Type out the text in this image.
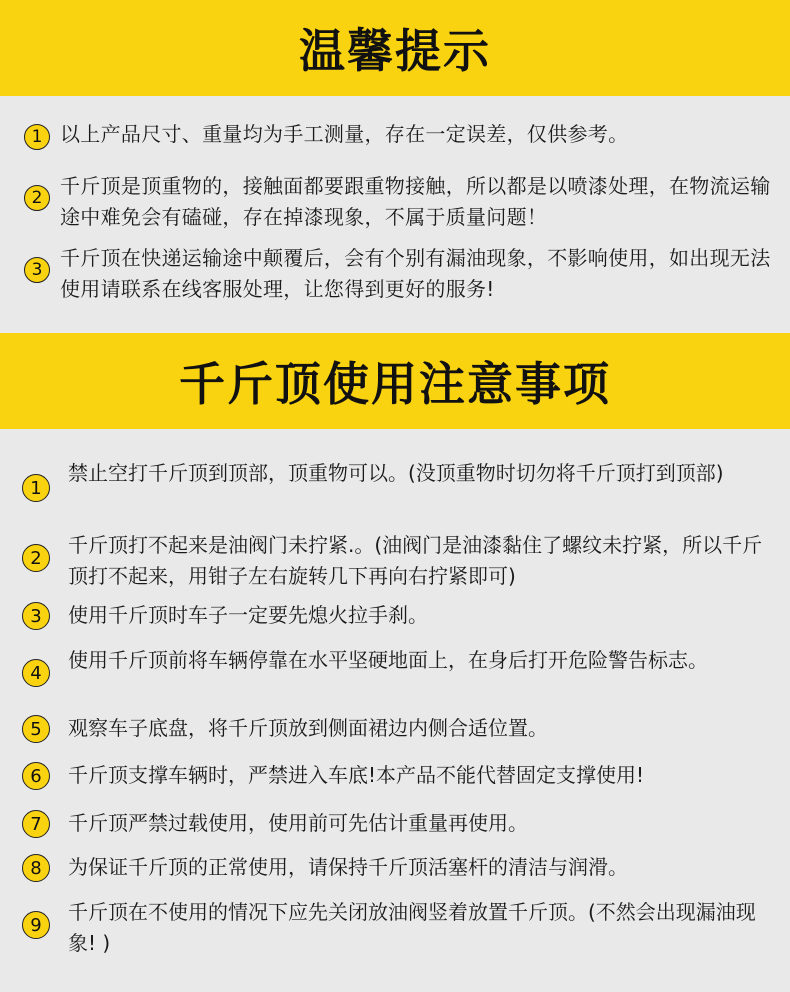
温馨提示
1 以上产品尺寸、重量均为手工测量，存在一定误差，仅供参考。
2 千斤顶是顶重物的，接触面都要跟重物接触，所以都是以喷漆处理，在物流运输途中难免会有磕碰，存在掉漆现象，不属于质量问题！
3 千斤顶在快递运输途中颠覆后，会有个别有漏油现象，不影响使用，如出现无法使用请联系在线客服处理，让您得到更好的服务!
千斤顶使用注意事项
1
禁止空打千斤顶到顶部，顶重物可以。(没顶重物时切勿将千斤顶打到顶部)
2
千斤顶打不起来是油阀门未拧紧.。(油阀门是油漆黏住了螺纹未拧紧，所以千斤顶打不起来，用钳子左右旋转几下再向右拧紧即可)
3	使用千斤顶时车子一定要先熄火拉手刹。
4
使用千斤顶前将车辆停靠在水平坚硬地面上，在身后打开危险警告标志。
5	观察车子底盘，将千斤顶放到侧面裙边内侧合适位置。
6	千斤顶支撑车辆时，严禁进入车底!本产品不能代替固定支撑使用!
7	千斤顶严禁过载使用，使用前可先估计重量再使用。
8	为保证千斤顶的正常使用，请保持千斤顶活塞杆的清洁与润滑。
9
千斤顶在不使用的情况下应先关闭放油阀竖着放置千斤顶。(不然会出现漏油现象! )
